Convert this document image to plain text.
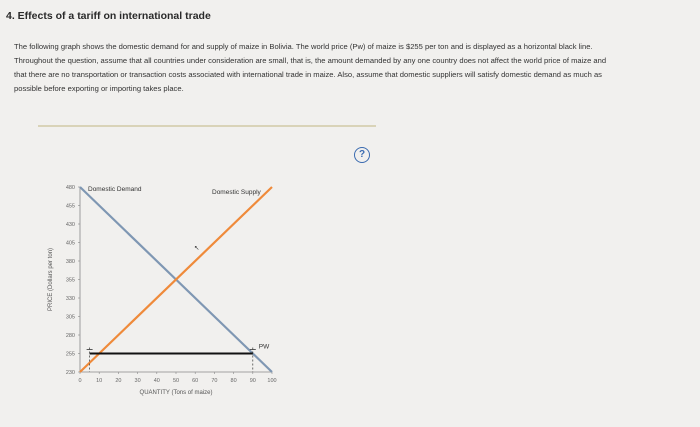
4. Effects of a tariff on international trade
The following graph shows the domestic demand for and supply of maize in Bolivia. The world price (Pw) of maize is $255 per ton and is displayed as a horizontal black line. Throughout the question, assume that all countries under consideration are small, that is, the amount demanded by any one country does not affect the world price of maize and that there are no transportation or transaction costs associated with international trade in maize. Also, assume that domestic suppliers will satisfy domestic demand as much as possible before exporting or importing takes place.
?
230
255
280
305
330
355
380
405
430
455
480
0	10 20 30 40 50 60 70 80 90 100
QUANTITY (Tons of maize)
PRICE (Dollars per ton)
Domestic Demand	Domestic Supply
PW
↖
